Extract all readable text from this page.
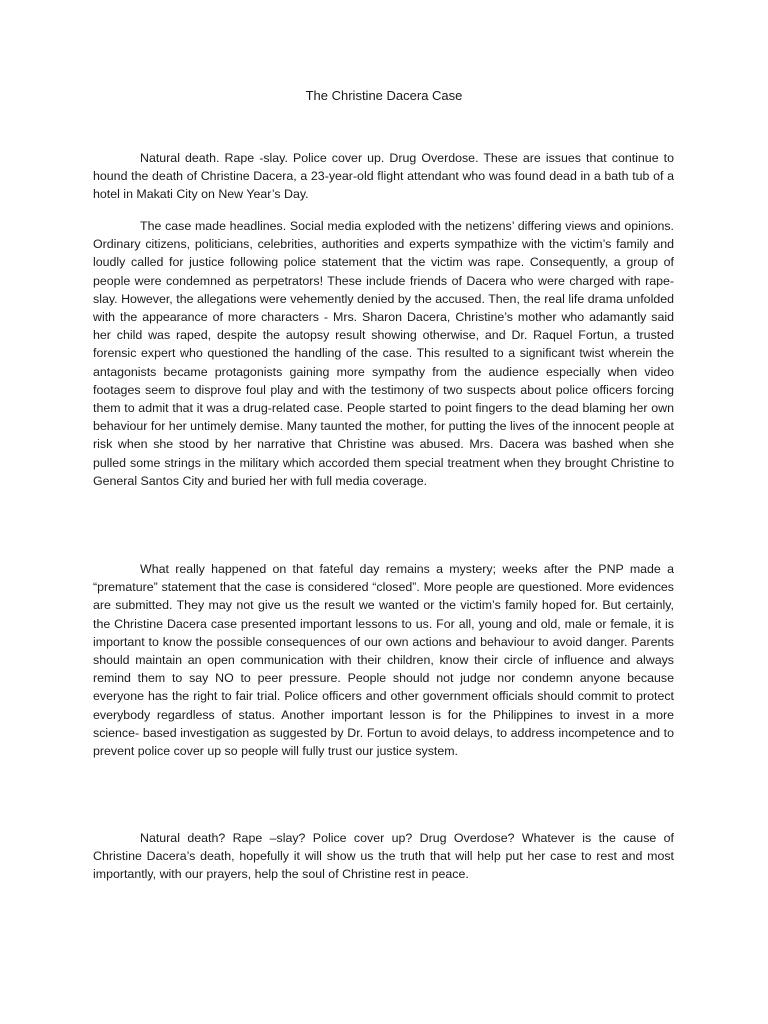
The Christine Dacera Case

Natural death. Rape -slay. Police cover up. Drug Overdose. These are issues that continue to hound the death of Christine Dacera, a 23-year-old flight attendant who was found dead in a bath tub of a hotel in Makati City on New Year’s Day.

The case made headlines. Social media exploded with the netizens’ differing views and opinions. Ordinary citizens, politicians, celebrities, authorities and experts sympathize with the victim’s family and loudly called for justice following police statement that the victim was rape. Consequently, a group of people were condemned as perpetrators! These include friends of Dacera who were charged with rape-slay. However, the allegations were vehemently denied by the accused. Then, the real life drama unfolded with the appearance of more characters - Mrs. Sharon Dacera, Christine’s mother who adamantly said her child was raped, despite the autopsy result showing otherwise, and Dr. Raquel Fortun, a trusted forensic expert who questioned the handling of the case. This resulted to a significant twist wherein the antagonists became protagonists gaining more sympathy from the audience especially when video footages seem to disprove foul play and with the testimony of two suspects about police officers forcing them to admit that it was a drug-related case. People started to point fingers to the dead blaming her own behaviour for her untimely demise. Many taunted the mother, for putting the lives of the innocent people at risk when she stood by her narrative that Christine was abused. Mrs. Dacera was bashed when she pulled some strings in the military which accorded them special treatment when they brought Christine to General Santos City and buried her with full media coverage.

What really happened on that fateful day remains a mystery; weeks after the PNP made a “premature” statement that the case is considered “closed”. More people are questioned. More evidences are submitted. They may not give us the result we wanted or the victim’s family hoped for. But certainly, the Christine Dacera case presented important lessons to us. For all, young and old, male or female, it is important to know the possible consequences of our own actions and behaviour to avoid danger. Parents should maintain an open communication with their children, know their circle of influence and always remind them to say NO to peer pressure. People should not judge nor condemn anyone because everyone has the right to fair trial. Police officers and other government officials should commit to protect everybody regardless of status. Another important lesson is for the Philippines to invest in a more science- based investigation as suggested by Dr. Fortun to avoid delays, to address incompetence and to prevent police cover up so people will fully trust our justice system.

Natural death? Rape –slay? Police cover up? Drug Overdose? Whatever is the cause of Christine Dacera’s death, hopefully it will show us the truth that will help put her case to rest and most importantly, with our prayers, help the soul of Christine rest in peace.
